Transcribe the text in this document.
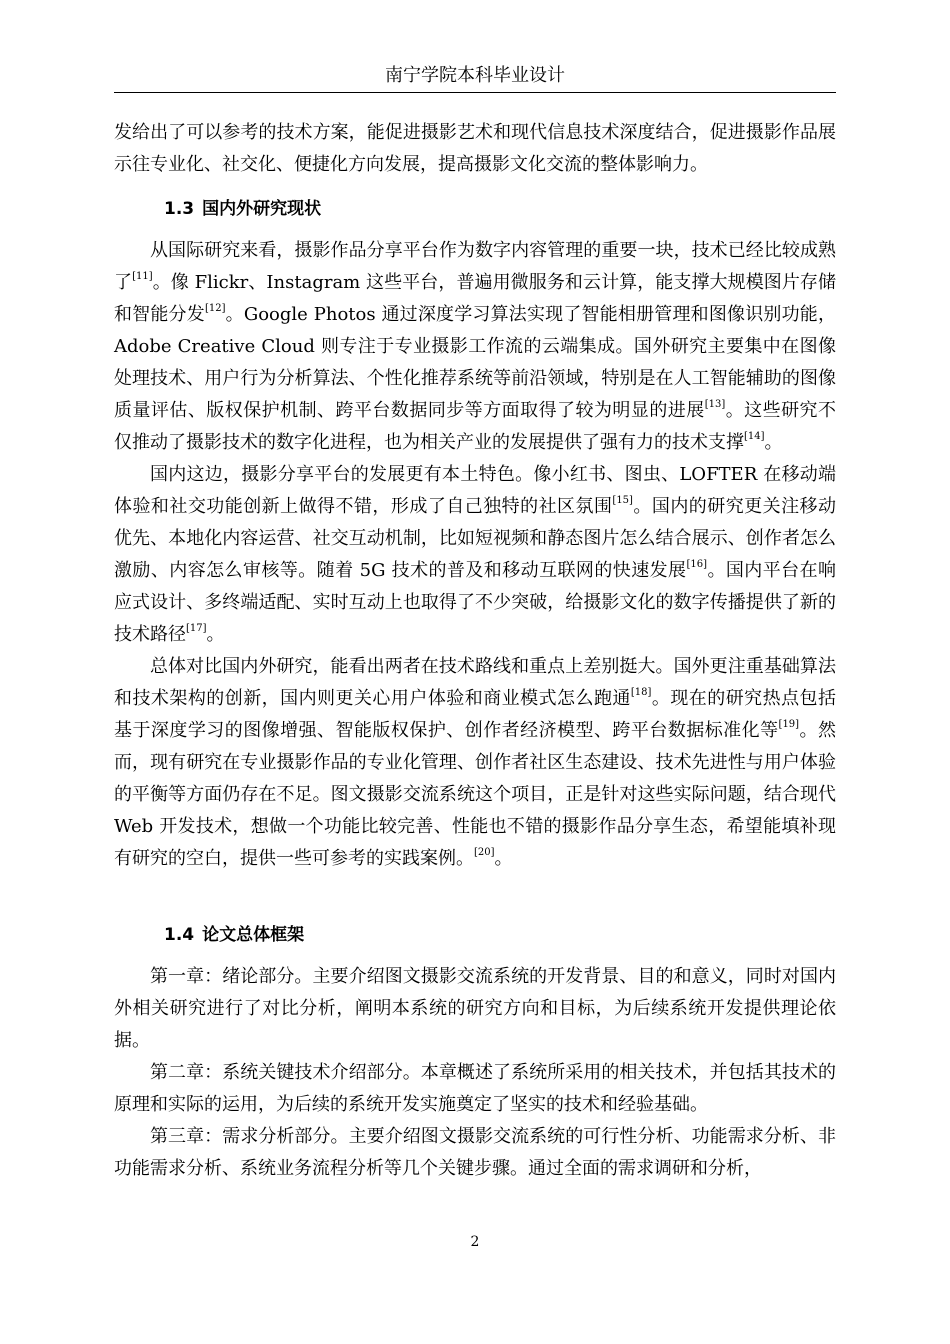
南宁学院本科毕业设计

发给出了可以参考的技术方案，能促进摄影艺术和现代信息技术深度结合，促进摄影作品展示往专业化、社交化、便捷化方向发展，提高摄影文化交流的整体影响力。

1.3 国内外研究现状

从国际研究来看，摄影作品分享平台作为数字内容管理的重要一块，技术已经比较成熟了[11]。像 Flickr、Instagram 这些平台，普遍用微服务和云计算，能支撑大规模图片存储和智能分发[12]。Google Photos 通过深度学习算法实现了智能相册管理和图像识别功能，Adobe Creative Cloud 则专注于专业摄影工作流的云端集成。国外研究主要集中在图像处理技术、用户行为分析算法、个性化推荐系统等前沿领域，特别是在人工智能辅助的图像质量评估、版权保护机制、跨平台数据同步等方面取得了较为明显的进展[13]。这些研究不仅推动了摄影技术的数字化进程，也为相关产业的发展提供了强有力的技术支撑[14]。

国内这边，摄影分享平台的发展更有本土特色。像小红书、图虫、LOFTER 在移动端体验和社交功能创新上做得不错，形成了自己独特的社区氛围[15]。国内的研究更关注移动优先、本地化内容运营、社交互动机制，比如短视频和静态图片怎么结合展示、创作者怎么激励、内容怎么审核等。随着 5G 技术的普及和移动互联网的快速发展[16]。国内平台在响应式设计、多终端适配、实时互动上也取得了不少突破，给摄影文化的数字传播提供了新的技术路径[17]。

总体对比国内外研究，能看出两者在技术路线和重点上差别挺大。国外更注重基础算法和技术架构的创新，国内则更关心用户体验和商业模式怎么跑通[18]。现在的研究热点包括基于深度学习的图像增强、智能版权保护、创作者经济模型、跨平台数据标准化等[19]。然而，现有研究在专业摄影作品的专业化管理、创作者社区生态建设、技术先进性与用户体验的平衡等方面仍存在不足。图文摄影交流系统这个项目，正是针对这些实际问题，结合现代 Web 开发技术，想做一个功能比较完善、性能也不错的摄影作品分享生态，希望能填补现有研究的空白，提供一些可参考的实践案例。[20]。

1.4 论文总体框架

第一章：绪论部分。主要介绍图文摄影交流系统的开发背景、目的和意义，同时对国内外相关研究进行了对比分析，阐明本系统的研究方向和目标，为后续系统开发提供理论依据。

第二章：系统关键技术介绍部分。本章概述了系统所采用的相关技术，并包括其技术的原理和实际的运用，为后续的系统开发实施奠定了坚实的技术和经验基础。

第三章：需求分析部分。主要介绍图文摄影交流系统的可行性分析、功能需求分析、非功能需求分析、系统业务流程分析等几个关键步骤。通过全面的需求调研和分析，

2
